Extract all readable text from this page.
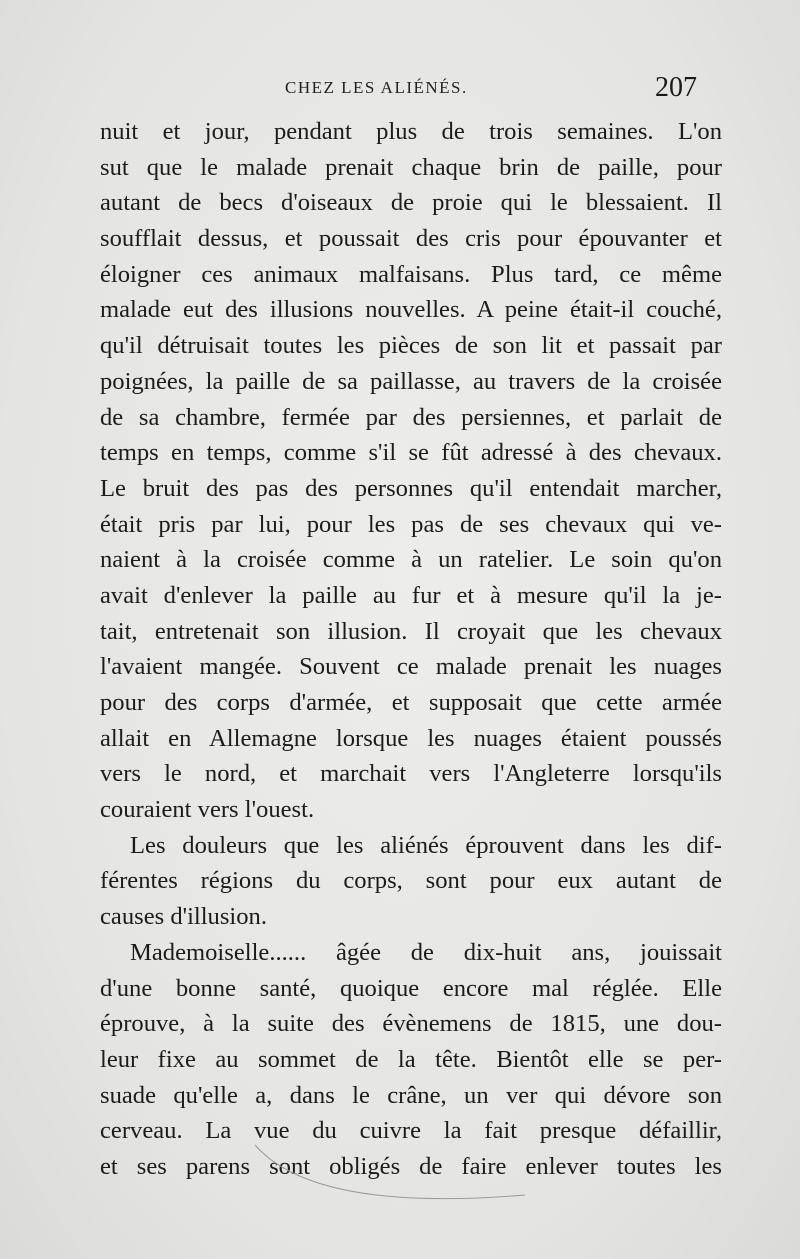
CHEZ LES ALIÉNÉS.	207
nuit et jour, pendant plus de trois semaines. L'on
sut que le malade prenait chaque brin de paille, pour
autant de becs d'oiseaux de proie qui le blessaient. Il
soufflait dessus, et poussait des cris pour épouvanter et
éloigner ces animaux malfaisans. Plus tard, ce même
malade eut des illusions nouvelles. A peine était-il couché,
qu'il détruisait toutes les pièces de son lit et passait par
poignées, la paille de sa paillasse, au travers de la croisée
de sa chambre, fermée par des persiennes, et parlait de
temps en temps, comme s'il se fût adressé à des chevaux.
Le bruit des pas des personnes qu'il entendait marcher,
était pris par lui, pour les pas de ses chevaux qui ve-
naient à la croisée comme à un ratelier. Le soin qu'on
avait d'enlever la paille au fur et à mesure qu'il la je-
tait, entretenait son illusion. Il croyait que les chevaux
l'avaient mangée. Souvent ce malade prenait les nuages
pour des corps d'armée, et supposait que cette armée
allait en Allemagne lorsque les nuages étaient poussés
vers le nord, et marchait vers l'Angleterre lorsqu'ils
couraient vers l'ouest.
Les douleurs que les aliénés éprouvent dans les dif-
férentes régions du corps, sont pour eux autant de
causes d'illusion.
Mademoiselle...... âgée de dix-huit ans, jouissait
d'une bonne santé, quoique encore mal réglée. Elle
éprouve, à la suite des évènemens de 1815, une dou-
leur fixe au sommet de la tête. Bientôt elle se per-
suade qu'elle a, dans le crâne, un ver qui dévore son
cerveau. La vue du cuivre la fait presque défaillir,
et ses parens sont obligés de faire enlever toutes les
